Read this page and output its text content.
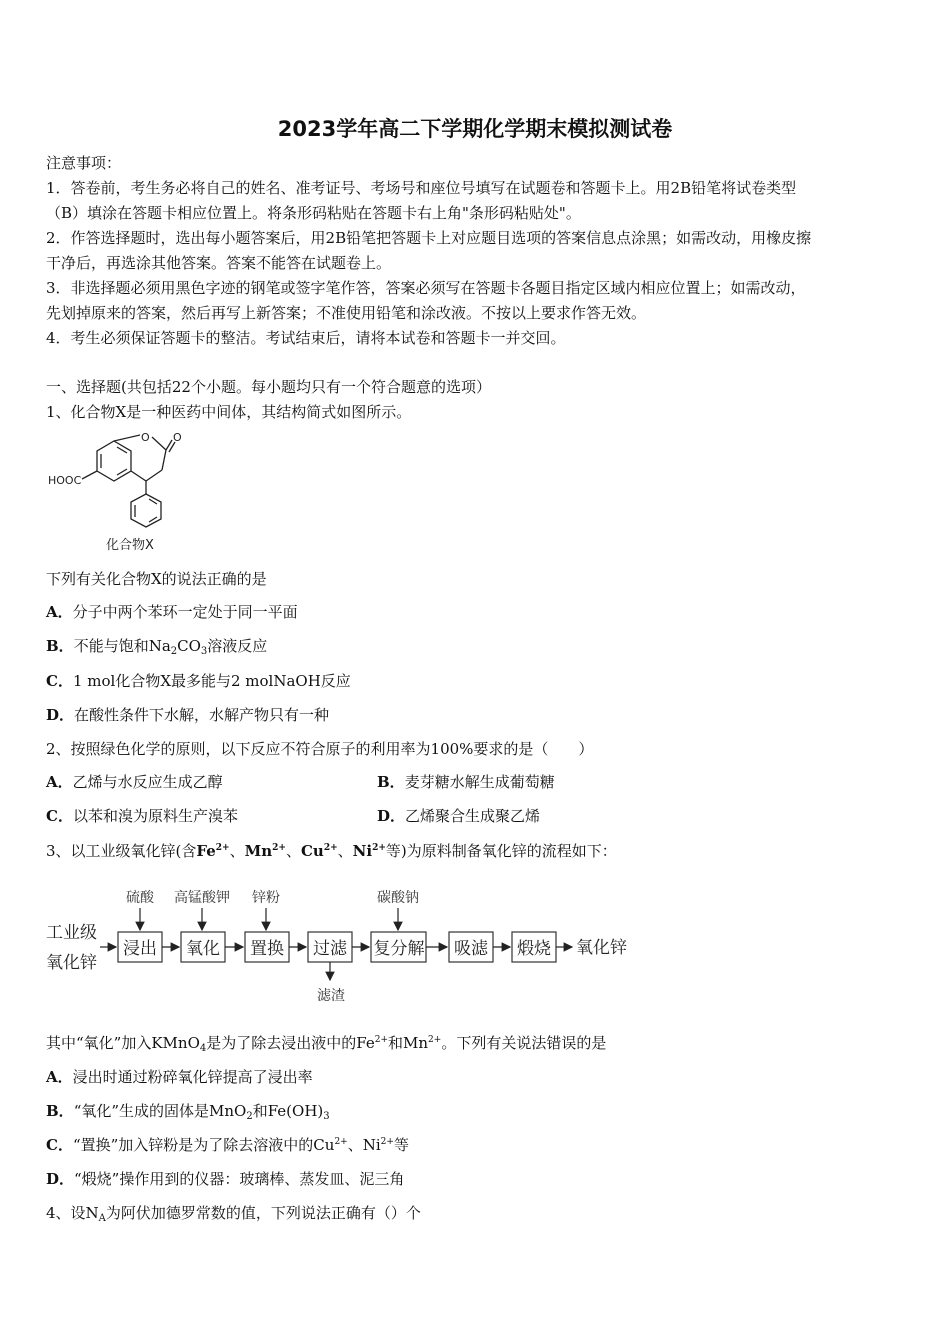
2023学年高二下学期化学期末模拟测试卷
注意事项：
1．答卷前，考生务必将自己的姓名、准考证号、考场号和座位号填写在试题卷和答题卡上。用2B铅笔将试卷类型
（B）填涂在答题卡相应位置上。将条形码粘贴在答题卡右上角"条形码粘贴处"。
2．作答选择题时，选出每小题答案后，用2B铅笔把答题卡上对应题目选项的答案信息点涂黑；如需改动，用橡皮擦
干净后，再选涂其他答案。答案不能答在试题卷上。
3．非选择题必须用黑色字迹的钢笔或签字笔作答，答案必须写在答题卡各题目指定区域内相应位置上；如需改动，
先划掉原来的答案，然后再写上新答案；不准使用铅笔和涂改液。不按以上要求作答无效。
4．考生必须保证答题卡的整洁。考试结束后，请将本试卷和答题卡一并交回。
一、选择题(共包括22个小题。每小题均只有一个符合题意的选项）
1、化合物X是一种医药中间体，其结构简式如图所示。
HOOC
O O
化合物X
下列有关化合物X的说法正确的是
A．分子中两个苯环一定处于同一平面
B．不能与饱和$Na_2CO_3$溶液反应
C．1 mol化合物X最多能与2 molNaOH反应
D．在酸性条件下水解，水解产物只有一种
2、按照绿色化学的原则，以下反应不符合原子的利用率为100%要求的是（　　）
A．乙烯与水反应生成乙醇	B．麦芽糖水解生成葡萄糖
C．以苯和溴为原料生产溴苯	D．乙烯聚合生成聚乙烯
3、以工业级氧化锌(含$Fe^{2+}$、$Mn^{2+}$、$Cu^{2+}$、$Ni^{2+}$等)为原料制备氧化锌的流程如下：
工业级
氧化锌
浸出 氧化 置换 过滤 复分解 吸滤 煅烧
硫酸 高锰酸钾 锌粉	碳酸钠
滤渣
氧化锌
其中“氧化”加入KMnO$_4$是为了除去浸出液中的$Fe^{2+}$和$Mn^{2+}$。下列有关说法错误的是
A．浸出时通过粉碎氧化锌提高了浸出率
B．“氧化”生成的固体是MnO$_2$和$Fe(OH)_3$
C．“置换”加入锌粉是为了除去溶液中的$Cu^{2+}$、$Ni^{2+}$等
D．“煅烧”操作用到的仪器：玻璃棒、蒸发皿、泥三角
4、设$N_A$为阿伏加德罗常数的值，下列说法正确有（）个
